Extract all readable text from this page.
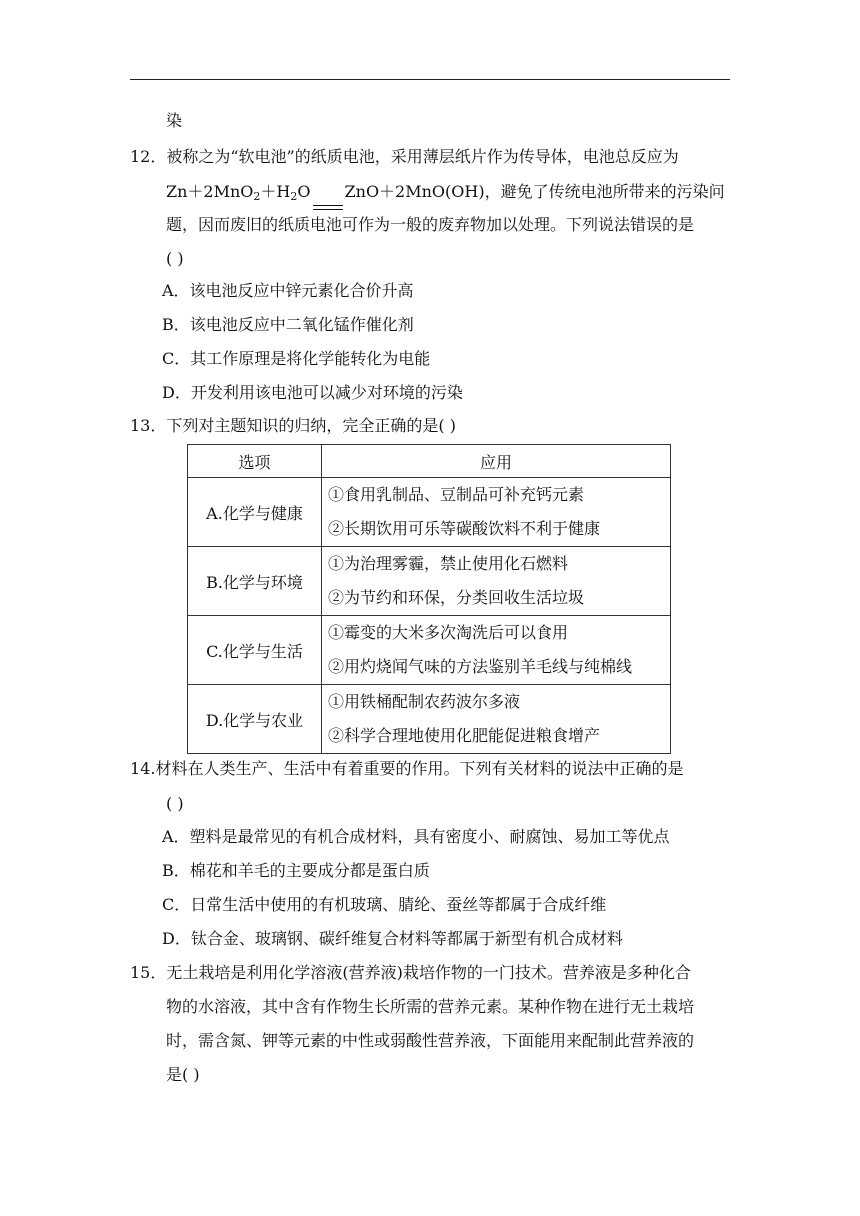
染
12．被称之为“软电池”的纸质电池，采用薄层纸片作为传导体，电池总反应为
$Zn+2MnO_2+H_2O$ ZnO＋2MnO(OH)，避免了传统电池所带来的污染问
题，因而废旧的纸质电池可作为一般的废弃物加以处理。下列说法错误的是
( )
A．该电池反应中锌元素化合价升高
B．该电池反应中二氧化锰作催化剂
C．其工作原理是将化学能转化为电能
D．开发利用该电池可以减少对环境的污染
13．下列对主题知识的归纳，完全正确的是( )
选项	应用
A.化学与健康	①食用乳制品、豆制品可补充钙元素
②长期饮用可乐等碳酸饮料不利于健康

B.化学与环境	①为治理雾霾，禁止使用化石燃料
②为节约和环保，分类回收生活垃圾

C.化学与生活	①霉变的大米多次淘洗后可以食用
②用灼烧闻气味的方法鉴别羊毛线与纯棉线

D.化学与农业	①用铁桶配制农药波尔多液
②科学合理地使用化肥能促进粮食增产
14.材料在人类生产、生活中有着重要的作用。下列有关材料的说法中正确的是
( )
A．塑料是最常见的有机合成材料，具有密度小、耐腐蚀、易加工等优点
B．棉花和羊毛的主要成分都是蛋白质
C．日常生活中使用的有机玻璃、腈纶、蚕丝等都属于合成纤维
D．钛合金、玻璃钢、碳纤维复合材料等都属于新型有机合成材料
15．无土栽培是利用化学溶液(营养液)栽培作物的一门技术。营养液是多种化合
物的水溶液，其中含有作物生长所需的营养元素。某种作物在进行无土栽培
时，需含氮、钾等元素的中性或弱酸性营养液，下面能用来配制此营养液的
是( )
